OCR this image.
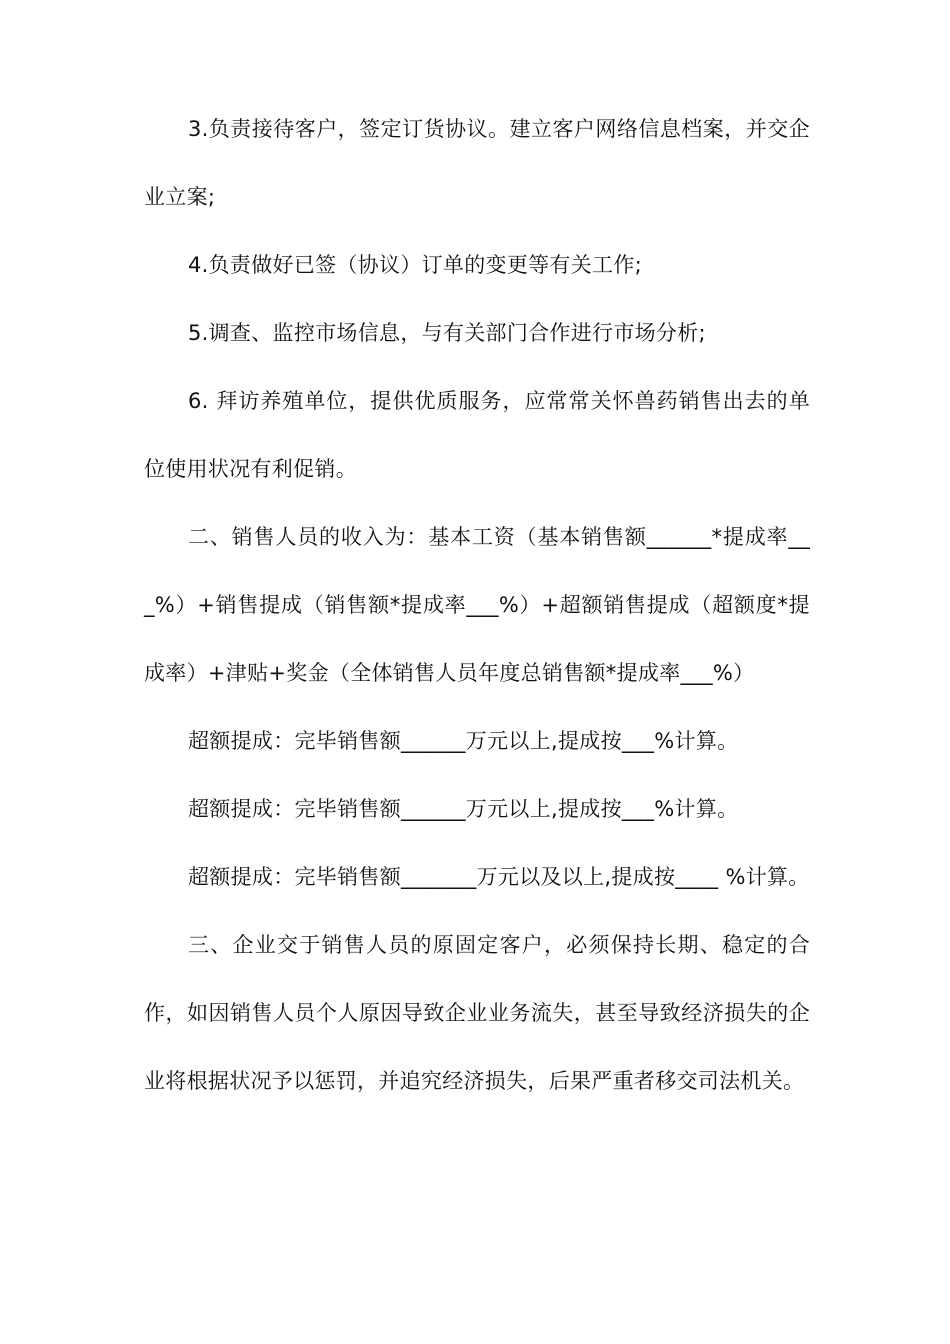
3.负责接待客户，签定订货协议。建立客户网络信息档案，并交企业立案;

4.负责做好已签（协议）订单的变更等有关工作;

5.调查、监控市场信息，与有关部门合作进行市场分析;

6. 拜访养殖单位，提供优质服务，应常常关怀兽药销售出去的单位使用状况有利促销。

二、销售人员的收入为：基本工资（基本销售额______*提成率___%）+销售提成（销售额*提成率___%）+超额销售提成（超额度*提成率）+津贴+奖金（全体销售人员年度总销售额*提成率___%）

超额提成：完毕销售额______万元以上,提成按___%计算。

超额提成：完毕销售额______万元以上,提成按___%计算。

超额提成：完毕销售额_______万元以及以上,提成按____ %计算。

三、企业交于销售人员的原固定客户，必须保持长期、稳定的合作，如因销售人员个人原因导致企业业务流失，甚至导致经济损失的企业将根据状况予以惩罚，并追究经济损失，后果严重者移交司法机关。
